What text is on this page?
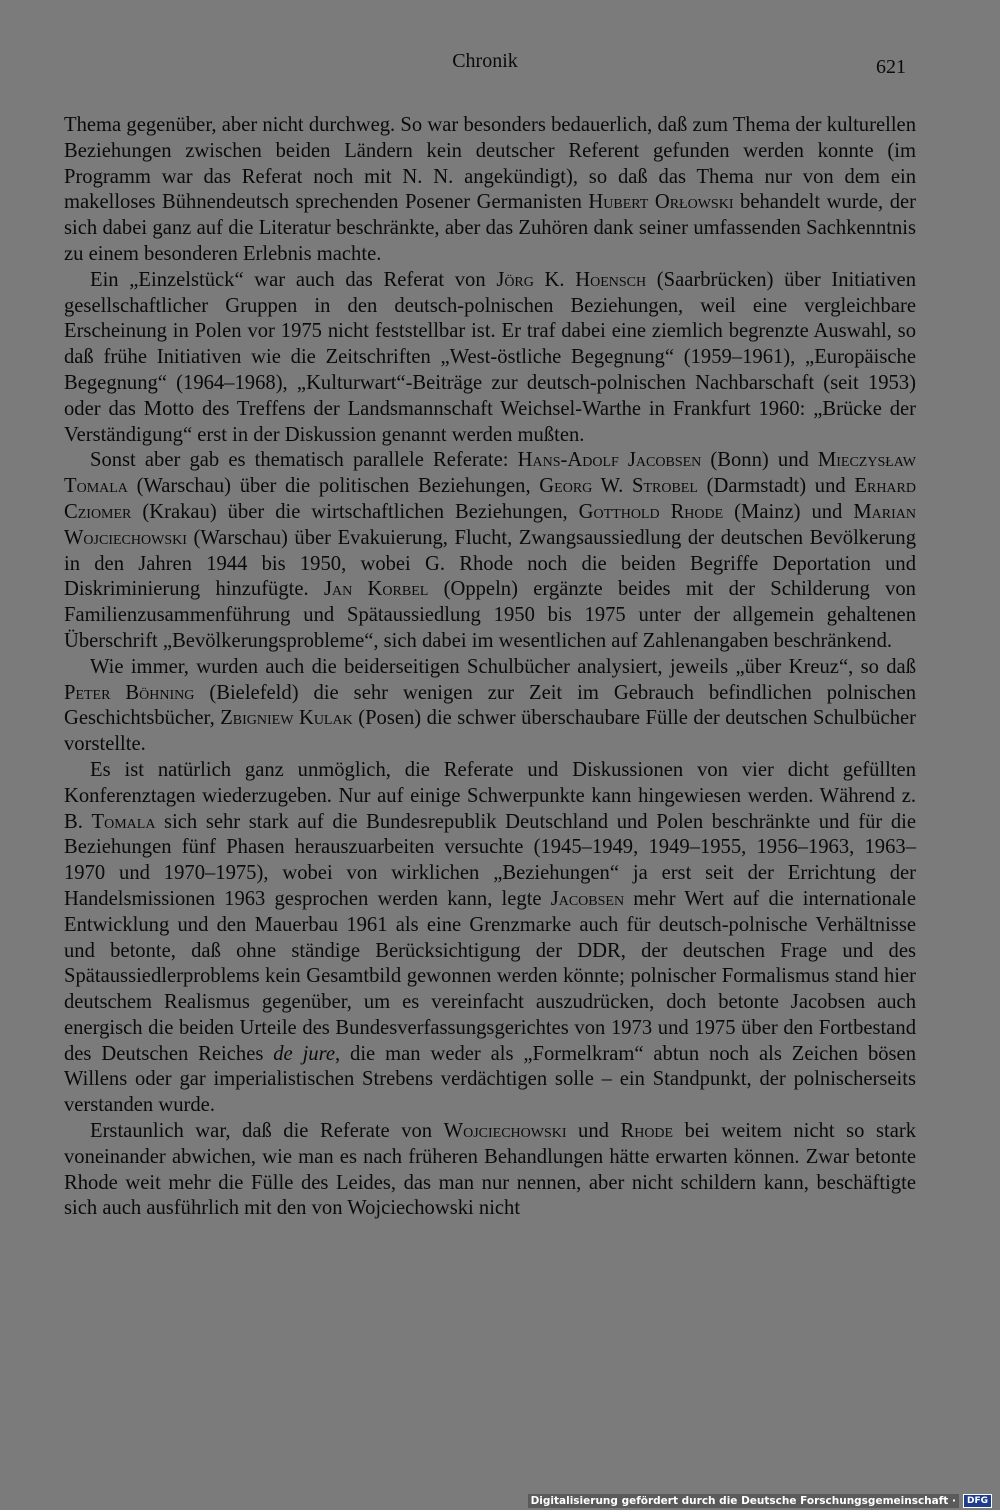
Chronik	621

Thema gegenüber, aber nicht durchweg. So war besonders bedauerlich, daß zum Thema der kulturellen Beziehungen zwischen beiden Ländern kein deutscher Referent gefunden werden konnte (im Programm war das Referat noch mit N. N. angekündigt), so daß das Thema nur von dem ein makelloses Bühnendeutsch sprechenden Posener Germanisten Hubert Orłowski behandelt wurde, der sich dabei ganz auf die Literatur beschränkte, aber das Zuhören dank seiner umfassenden Sachkenntnis zu einem besonderen Erlebnis machte.

Ein „Einzelstück“ war auch das Referat von Jörg K. Hoensch (Saarbrücken) über Initiativen gesellschaftlicher Gruppen in den deutsch-polnischen Beziehungen, weil eine vergleichbare Erscheinung in Polen vor 1975 nicht feststellbar ist. Er traf dabei eine ziemlich begrenzte Auswahl, so daß frühe Initiativen wie die Zeitschriften „West-östliche Begegnung“ (1959–1961), „Europäische Begegnung“ (1964–1968), „Kulturwart“-Beiträge zur deutsch-polnischen Nachbarschaft (seit 1953) oder das Motto des Treffens der Landsmannschaft Weichsel-Warthe in Frankfurt 1960: „Brücke der Verständigung“ erst in der Diskussion genannt werden mußten.

Sonst aber gab es thematisch parallele Referate: Hans-Adolf Jacobsen (Bonn) und Mieczysław Tomala (Warschau) über die politischen Beziehungen, Georg W. Strobel (Darmstadt) und Erhard Cziomer (Krakau) über die wirtschaftlichen Beziehungen, Gotthold Rhode (Mainz) und Marian Wojciechowski (Warschau) über Evakuierung, Flucht, Zwangsaussiedlung der deutschen Bevölkerung in den Jahren 1944 bis 1950, wobei G. Rhode noch die beiden Begriffe Deportation und Diskriminierung hinzufügte. Jan Korbel (Oppeln) ergänzte beides mit der Schilderung von Familienzusammenführung und Spätaussiedlung 1950 bis 1975 unter der allgemein gehaltenen Überschrift „Bevölkerungsprobleme“, sich dabei im wesentlichen auf Zahlenangaben beschränkend.

Wie immer, wurden auch die beiderseitigen Schulbücher analysiert, jeweils „über Kreuz“, so daß Peter Böhning (Bielefeld) die sehr wenigen zur Zeit im Gebrauch befindlichen polnischen Geschichtsbücher, Zbigniew Kulak (Posen) die schwer überschaubare Fülle der deutschen Schulbücher vorstellte.

Es ist natürlich ganz unmöglich, die Referate und Diskussionen von vier dicht gefüllten Konferenztagen wiederzugeben. Nur auf einige Schwerpunkte kann hingewiesen werden. Während z. B. Tomala sich sehr stark auf die Bundesrepublik Deutschland und Polen beschränkte und für die Beziehungen fünf Phasen herauszuarbeiten versuchte (1945–1949, 1949–1955, 1956–1963, 1963–1970 und 1970–1975), wobei von wirklichen „Beziehungen“ ja erst seit der Errichtung der Handelsmissionen 1963 gesprochen werden kann, legte Jacobsen mehr Wert auf die internationale Entwicklung und den Mauerbau 1961 als eine Grenzmarke auch für deutsch-polnische Verhältnisse und betonte, daß ohne ständige Berücksichtigung der DDR, der deutschen Frage und des Spätaussiedlerproblems kein Gesamtbild gewonnen werden könnte; polnischer Formalismus stand hier deutschem Realismus gegenüber, um es vereinfacht auszudrücken, doch betonte Jacobsen auch energisch die beiden Urteile des Bundesverfassungsgerichtes von 1973 und 1975 über den Fortbestand des Deutschen Reiches de jure, die man weder als „Formelkram“ abtun noch als Zeichen bösen Willens oder gar imperialistischen Strebens verdächtigen solle – ein Standpunkt, der polnischerseits verstanden wurde.

Erstaunlich war, daß die Referate von Wojciechowski und Rhode bei weitem nicht so stark voneinander abwichen, wie man es nach früheren Behandlungen hätte erwarten können. Zwar betonte Rhode weit mehr die Fülle des Leides, das man nur nennen, aber nicht schildern kann, beschäftigte sich auch ausführlich mit den von Wojciechowski nicht

Digitalisierung gefördert durch die Deutsche Forschungsgemeinschaft ·	DFG
